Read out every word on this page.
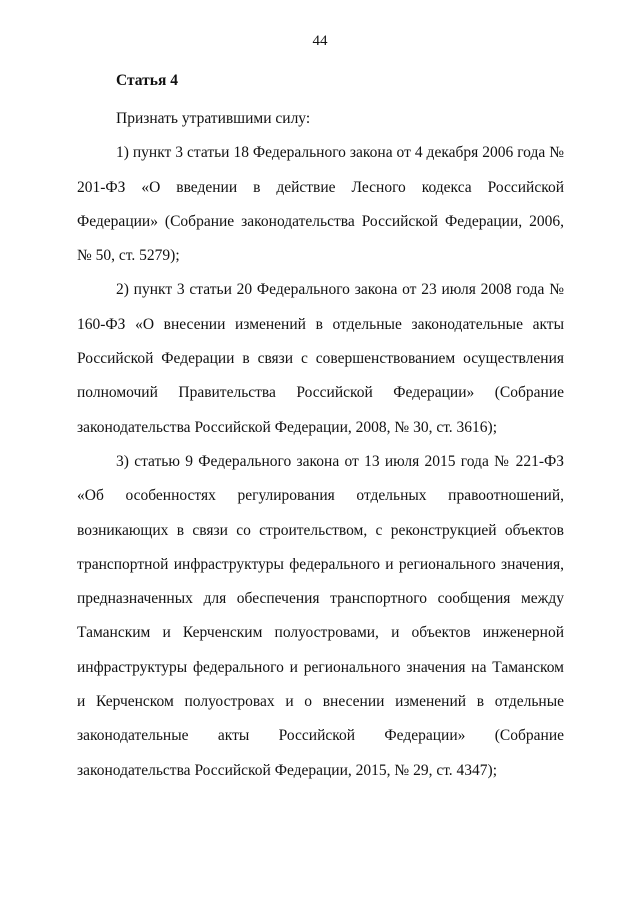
44
Статья 4

Признать утратившими силу:

1) пункт 3 статьи 18 Федерального закона от 4 декабря 2006 года № 201-ФЗ «О введении в действие Лесного кодекса Российской Федерации» (Собрание законодательства Российской Федерации, 2006, № 50, ст. 5279);

2) пункт 3 статьи 20 Федерального закона от 23 июля 2008 года № 160-ФЗ «О внесении изменений в отдельные законодательные акты Российской Федерации в связи с совершенствованием осуществления полномочий Правительства Российской Федерации» (Собрание законодательства Российской Федерации, 2008, № 30, ст. 3616);

3) статью 9 Федерального закона от 13 июля 2015 года № 221-ФЗ «Об особенностях регулирования отдельных правоотношений, возникающих в связи со строительством, с реконструкцией объектов транспортной инфраструктуры федерального и регионального значения, предназначенных для обеспечения транспортного сообщения между Таманским и Керченским полуостровами, и объектов инженерной инфраструктуры федерального и регионального значения на Таманском и Керченском полуостровах и о внесении изменений в отдельные законодательные акты Российской Федерации» (Собрание законодательства Российской Федерации, 2015, № 29, ст. 4347);
